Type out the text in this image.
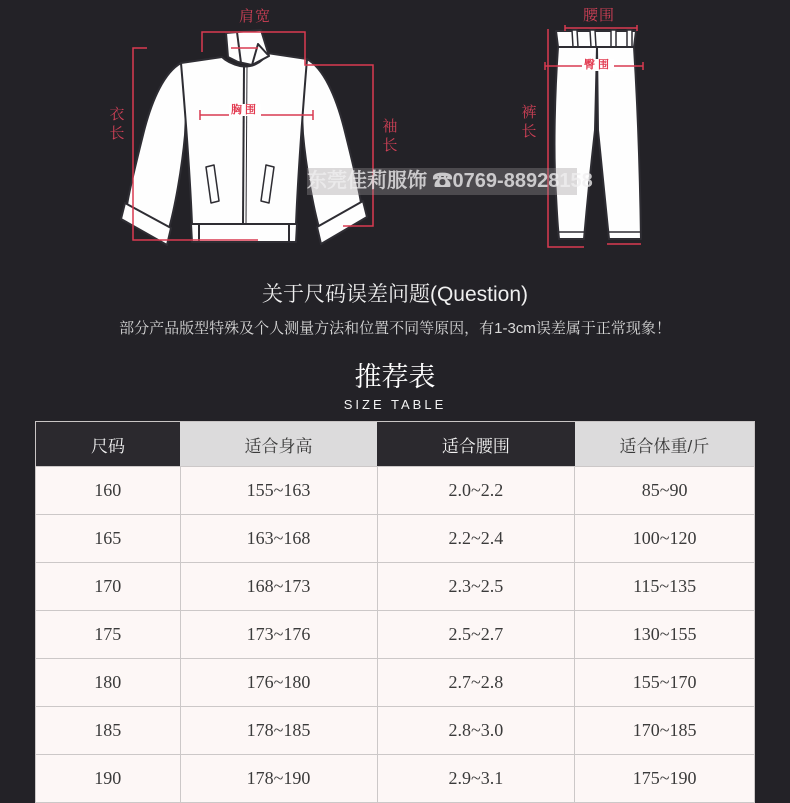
肩宽
衣长	胸围
袖长
腰围
臀围
裤长
东莞佳莉服饰 ☎0769-88928158
关于尺码误差问题(Question)
部分产品版型特殊及个人测量方法和位置不同等原因，有1-3cm误差属于正常现象！
推荐表
SIZE TABLE
尺码	适合身高	适合腰围	适合体重/斤
160	155~163	2.0~2.2	85~90
165	163~168	2.2~2.4	100~120
170	168~173	2.3~2.5	115~135
175	173~176	2.5~2.7	130~155
180	176~180	2.7~2.8	155~170
185	178~185	2.8~3.0	170~185
190	178~190	2.9~3.1	175~190
